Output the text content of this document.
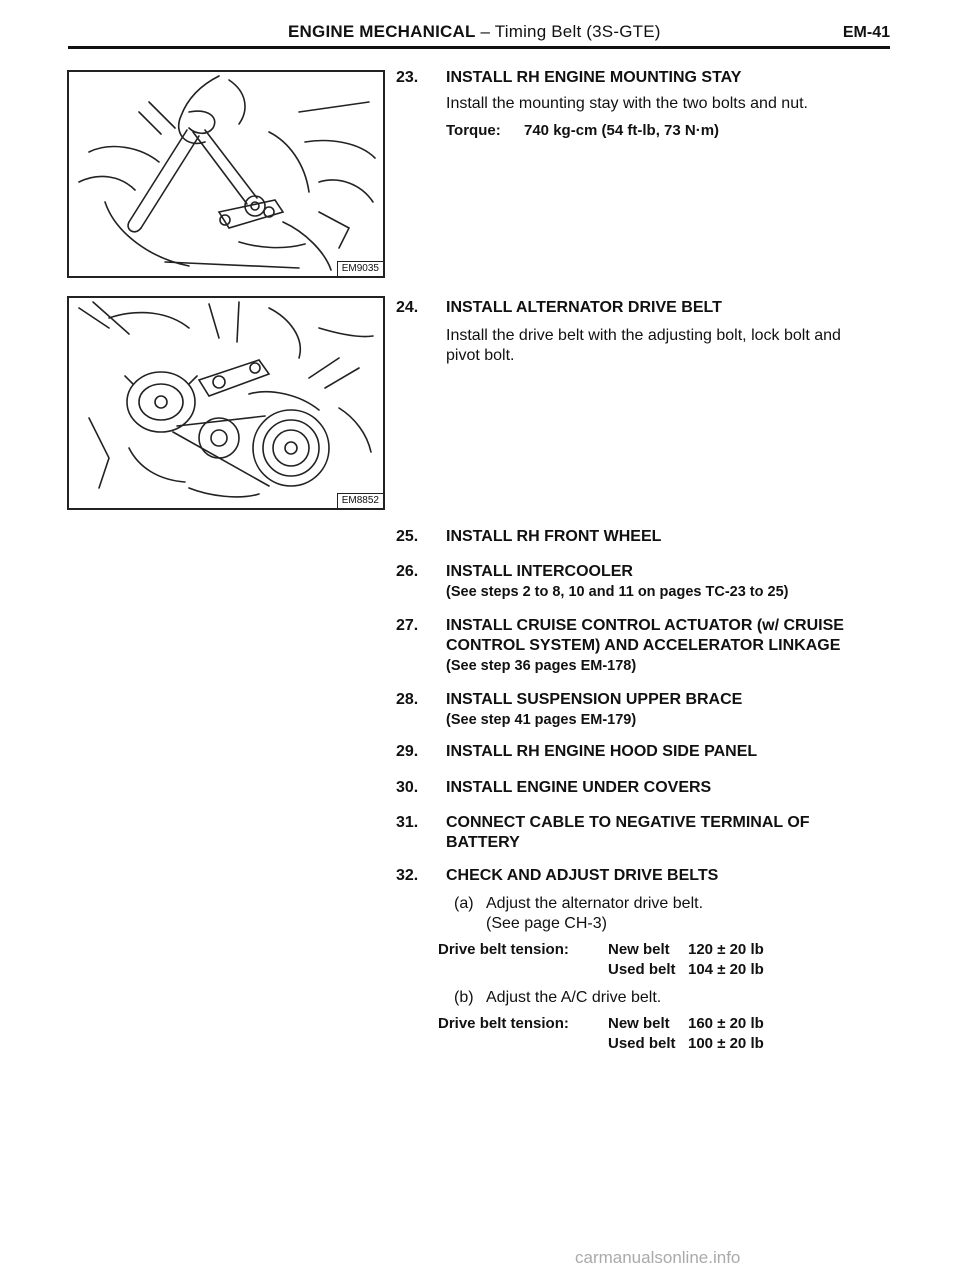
ENGINE MECHANICAL – Timing Belt (3S-GTE)	EM-41
EM9035
EM8852
23.	INSTALL RH ENGINE MOUNTING STAY
Install the mounting stay with the two bolts and nut.
Torque:	740 kg-cm (54 ft-lb, 73 N·m)
24.	INSTALL ALTERNATOR DRIVE BELT
Install the drive belt with the adjusting bolt, lock bolt and
pivot bolt.
25.	INSTALL RH FRONT WHEEL
26.	INSTALL INTERCOOLER
(See steps 2 to 8, 10 and 11 on pages TC-23 to 25)
27.	INSTALL CRUISE CONTROL ACTUATOR (w/ CRUISE
CONTROL SYSTEM) AND ACCELERATOR LINKAGE
(See step 36 pages EM-178)
28.	INSTALL SUSPENSION UPPER BRACE
(See step 41 pages EM-179)
29.	INSTALL RH ENGINE HOOD SIDE PANEL
30.	INSTALL ENGINE UNDER COVERS
31.	CONNECT CABLE TO NEGATIVE TERMINAL OF
BATTERY
32.	CHECK AND ADJUST DRIVE BELTS
(a) Adjust the alternator drive belt.
(See page CH-3)
Drive belt tension:	New belt 120 ± 20 lb
Used belt 104 ± 20 lb
(b) Adjust the A/C drive belt.
Drive belt tension:	New belt 160 ± 20 lb
Used belt 100 ± 20 lb
carmanualsonline.info
